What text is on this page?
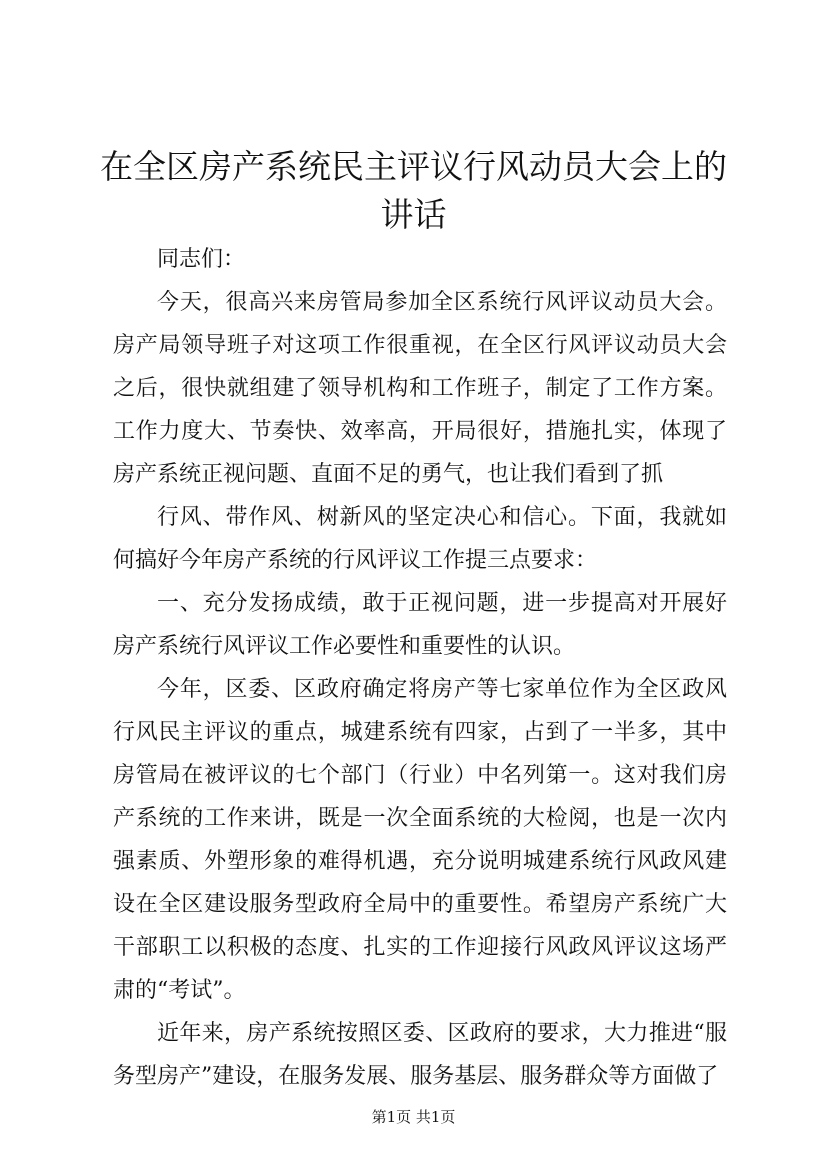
在全区房产系统民主评议行风动员大会上的讲话

同志们：

今天，很高兴来房管局参加全区系统行风评议动员大会。房产局领导班子对这项工作很重视，在全区行风评议动员大会之后，很快就组建了领导机构和工作班子，制定了工作方案。工作力度大、节奏快、效率高，开局很好，措施扎实，体现了房产系统正视问题、直面不足的勇气，也让我们看到了抓

行风、带作风、树新风的坚定决心和信心。下面，我就如何搞好今年房产系统的行风评议工作提三点要求：

一、充分发扬成绩，敢于正视问题，进一步提高对开展好房产系统行风评议工作必要性和重要性的认识。

今年，区委、区政府确定将房产等七家单位作为全区政风行风民主评议的重点，城建系统有四家，占到了一半多，其中房管局在被评议的七个部门（行业）中名列第一。这对我们房产系统的工作来讲，既是一次全面系统的大检阅，也是一次内强素质、外塑形象的难得机遇，充分说明城建系统行风政风建设在全区建设服务型政府全局中的重要性。希望房产系统广大干部职工以积极的态度、扎实的工作迎接行风政风评议这场严肃的“考试”。

近年来，房产系统按照区委、区政府的要求，大力推进“服务型房产”建设，在服务发展、服务基层、服务群众等方面做了

第1页 共1页
